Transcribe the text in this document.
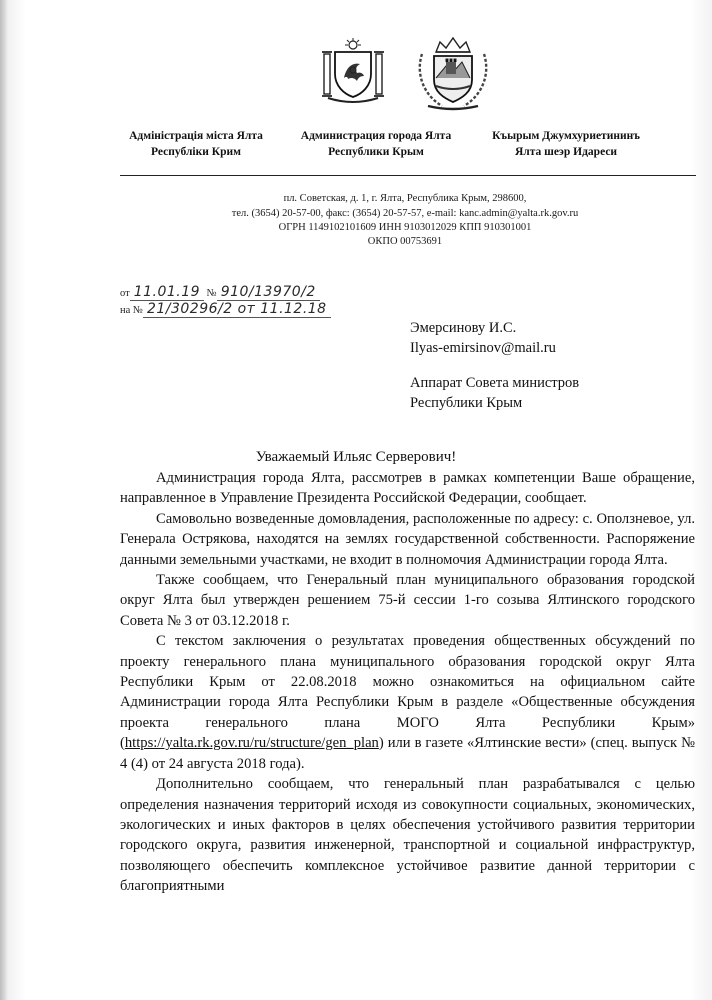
Адміністрація міста Ялта
Республіки Крим
Администрация города Ялта
Республики Крым
Къырым Джумхуриетининъ
Ялта шеэр Идареси
пл. Советская, д. 1, г. Ялта, Республика Крым, 298600,
тел. (3654) 20-57-00, факс: (3654) 20-57-57, e-mail: kanc.admin@yalta.rk.gov.ru
ОГРН 1149102101609 ИНН 9103012029 КПП 910301001
ОКПО 00753691
от 11.01.19 № 910/13970/2
на № 21/30296/2 от 11.12.18
Эмерсинову И.С.
Ilyas-emirsinov@mail.ru
Аппарат Совета министров
Республики Крым
Уважаемый Ильяс Серверович!

Администрация города Ялта, рассмотрев в рамках компетенции Ваше обращение, направленное в Управление Президента Российской Федерации, сообщает.

Самовольно возведенные домовладения, расположенные по адресу: с. Оползневое, ул. Генерала Острякова, находятся на землях государственной собственности. Распоряжение данными земельными участками, не входит в полномочия Администрации города Ялта.

Также сообщаем, что Генеральный план муниципального образования городской округ Ялта был утвержден решением 75-й сессии 1-го созыва Ялтинского городского Совета № 3 от 03.12.2018 г.

С текстом заключения о результатах проведения общественных обсуждений по проекту генерального плана муниципального образования городской округ Ялта Республики Крым от 22.08.2018 можно ознакомиться на официальном сайте Администрации города Ялта Республики Крым в разделе «Общественные обсуждения проекта генерального плана МОГО Ялта Республики Крым» (https://yalta.rk.gov.ru/ru/structure/gen_plan) или в газете «Ялтинские вести» (спец. выпуск № 4 (4) от 24 августа 2018 года).

Дополнительно сообщаем, что генеральный план разрабатывался с целью определения назначения территорий исходя из совокупности социальных, экономических, экологических и иных факторов в целях обеспечения устойчивого развития территории городского округа, развития инженерной, транспортной и социальной инфраструктур, позволяющего обеспечить комплексное устойчивое развитие данной территории с благоприятными
